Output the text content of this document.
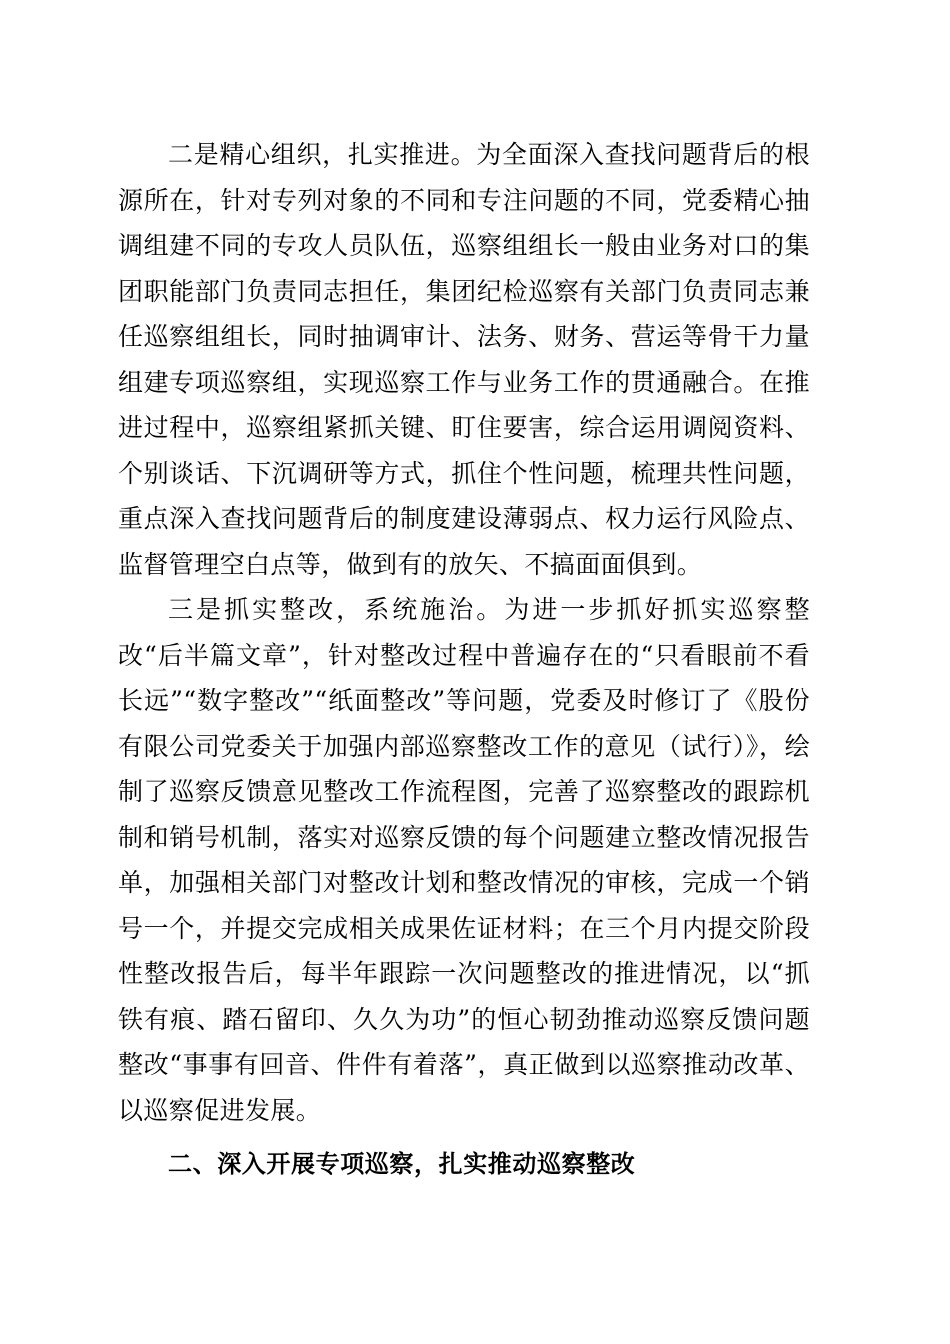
二是精心组织，扎实推进。为全面深入查找问题背后的根源所在，针对专列对象的不同和专注问题的不同，党委精心抽调组建不同的专攻人员队伍，巡察组组长一般由业务对口的集团职能部门负责同志担任，集团纪检巡察有关部门负责同志兼任巡察组组长，同时抽调审计、法务、财务、营运等骨干力量组建专项巡察组，实现巡察工作与业务工作的贯通融合。在推进过程中，巡察组紧抓关键、盯住要害，综合运用调阅资料、个别谈话、下沉调研等方式，抓住个性问题，梳理共性问题，重点深入查找问题背后的制度建设薄弱点、权力运行风险点、监督管理空白点等，做到有的放矢、不搞面面俱到。

三是抓实整改，系统施治。为进一步抓好抓实巡察整改“后半篇文章”，针对整改过程中普遍存在的“只看眼前不看长远”“数字整改”“纸面整改”等问题，党委及时修订了《股份有限公司党委关于加强内部巡察整改工作的意见（试行）》，绘制了巡察反馈意见整改工作流程图，完善了巡察整改的跟踪机制和销号机制，落实对巡察反馈的每个问题建立整改情况报告单，加强相关部门对整改计划和整改情况的审核，完成一个销号一个，并提交完成相关成果佐证材料；在三个月内提交阶段性整改报告后，每半年跟踪一次问题整改的推进情况，以“抓铁有痕、踏石留印、久久为功”的恒心韧劲推动巡察反馈问题整改“事事有回音、件件有着落”，真正做到以巡察推动改革、以巡察促进发展。

二、深入开展专项巡察，扎实推动巡察整改
